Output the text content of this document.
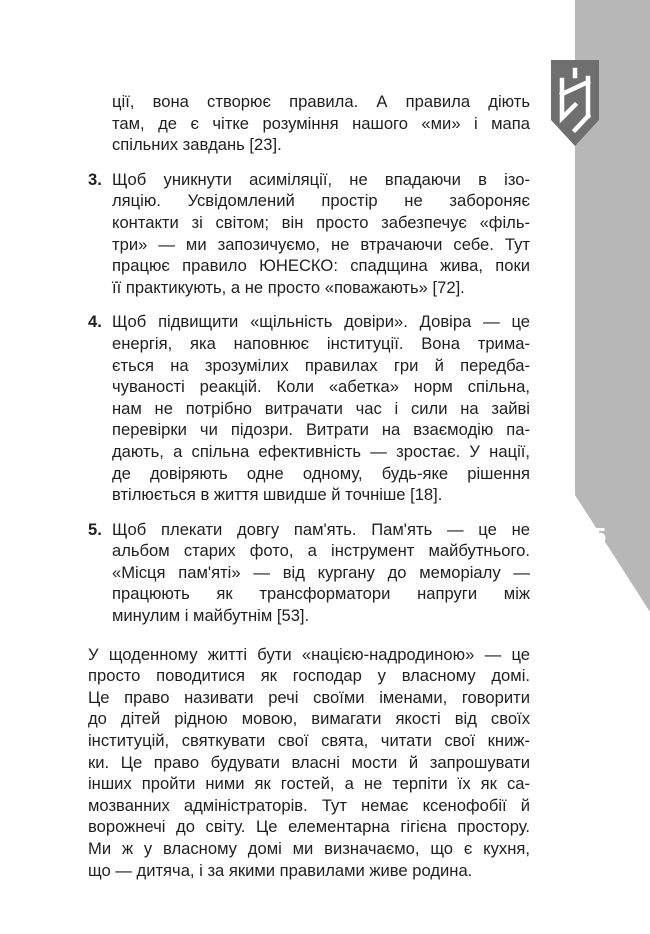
15
ції, вона створює правила. А правила діють
там, де є чітке розуміння нашого «ми» і мапа
спільних завдань [23].
3. Щоб уникнути асиміляції, не впадаючи в ізо-
ляцію. Усвідомлений простір не забороняє
контакти зі світом; він просто забезпечує «філь-
три» — ми запозичуємо, не втрачаючи себе. Тут
працює правило ЮНЕСКО: спадщина жива, поки
її практикують, а не просто «поважають» [72].
4. Щоб підвищити «щільність довіри». Довіра — це
енергія, яка наповнює інституції. Вона трима-
ється на зрозумілих правилах гри й передба-
чуваності реакцій. Коли «абетка» норм спільна,
нам не потрібно витрачати час і сили на зайві
перевірки чи підозри. Витрати на взаємодію па-
дають, а спільна ефективність — зростає. У нації,
де довіряють одне одному, будь-яке рішення
втілюється в життя швидше й точніше [18].
5. Щоб плекати довгу пам'ять. Пам'ять — це не
альбом старих фото, а інструмент майбутнього.
«Місця пам'яті» — від кургану до меморіалу —
працюють як трансформатори напруги між
минулим і майбутнім [53].
У щоденному житті бути «нацією-надродиною» — це
просто поводитися як господар у власному домі.
Це право називати речі своїми іменами, говорити
до дітей рідною мовою, вимагати якості від своїх
інституцій, святкувати свої свята, читати свої книж-
ки. Це право будувати власні мости й запрошувати
інших пройти ними як гостей, а не терпіти їх як са-
мозванних адміністраторів. Тут немає ксенофобії й
ворожнечі до світу. Це елементарна гігієна простору.
Ми ж у власному домі ми визначаємо, що є кухня,
що — дитяча, і за якими правилами живе родина.
